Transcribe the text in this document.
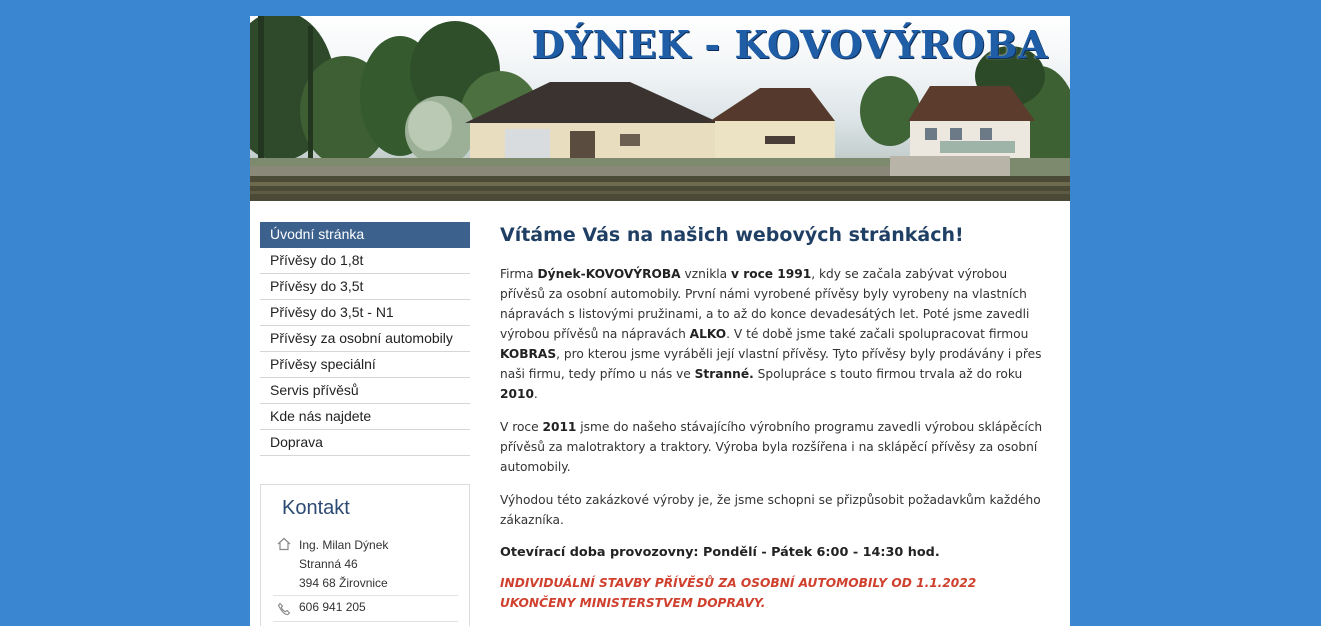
DÝNEK - KOVOVÝROBA
Úvodní stránka
Přívěsy do 1,8t
Přívěsy do 3,5t
Přívěsy do 3,5t - N1
Přívěsy za osobní automobily
Přívěsy speciální
Servis přívěsů
Kde nás najdete
Doprava
Kontakt
Ing. Milan Dýnek
Stranná 46
394 68 Žirovnice
606 941 205
Vítáme Vás na našich webových stránkách!

Firma Dýnek-KOVOVÝROBA vznikla v roce 1991, kdy se začala zabývat výrobou přívěsů za osobní automobily. První námi vyrobené přívěsy byly vyrobeny na vlastních nápravách s listovými pružinami, a to až do konce devadesátých let. Poté jsme zavedli výrobou přívěsů na nápravách ALKO. V té době jsme také začali spolupracovat firmou KOBRAS, pro kterou jsme vyráběli její vlastní přívěsy. Tyto přívěsy byly prodávány i přes naši firmu, tedy přímo u nás ve Stranné. Spolupráce s touto firmou trvala až do roku 2010.

V roce 2011 jsme do našeho stávajícího výrobního programu zavedli výrobou sklápěcích přívěsů za malotraktory a traktory. Výroba byla rozšířena i na sklápěcí přívěsy za osobní automobily.

Výhodou této zakázkové výroby je, že jsme schopni se přizpůsobit požadavkům každého zákazníka.

Otevírací doba provozovny: Pondělí - Pátek 6:00 - 14:30 hod.

INDIVIDUÁLNÍ STAVBY PŘÍVĚSŮ ZA OSOBNÍ AUTOMOBILY OD 1.1.2022 UKONČENY MINISTERSTVEM DOPRAVY.
